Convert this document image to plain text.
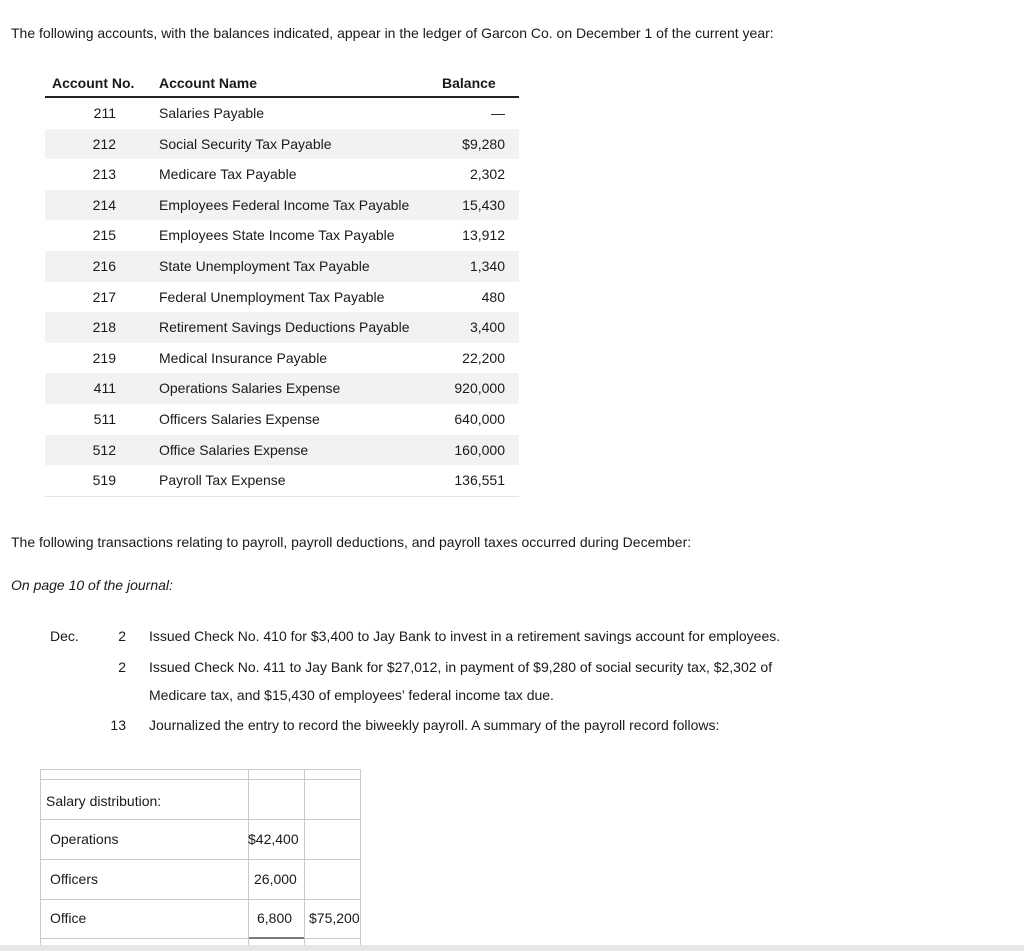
The following accounts, with the balances indicated, appear in the ledger of Garcon Co. on December 1 of the current year:
Account No. Account Name	Balance
211	Salaries Payable	—
212	Social Security Tax Payable	$9,280
213	Medicare Tax Payable	2,302
214	Employees Federal Income Tax Payable	15,430
215	Employees State Income Tax Payable	13,912
216	State Unemployment Tax Payable	1,340
217	Federal Unemployment Tax Payable	480
218	Retirement Savings Deductions Payable	3,400
219	Medical Insurance Payable	22,200
411	Operations Salaries Expense	920,000
511	Officers Salaries Expense	640,000
512	Office Salaries Expense	160,000
519	Payroll Tax Expense	136,551
The following transactions relating to payroll, payroll deductions, and payroll taxes occurred during December:
On page 10 of the journal:
Dec.	2 Issued Check No. 410 for $3,400 to Jay Bank to invest in a retirement savings account for employees.
2 Issued Check No. 411 to Jay Bank for $27,012, in payment of $9,280 of social security tax, $2,302 of
Medicare tax, and $15,430 of employees’ federal income tax due.
13 Journalized the entry to record the biweekly payroll. A summary of the payroll record follows:
Salary distribution:
Operations	$42,400
Officers	26,000
Office	6,800 $75,200
